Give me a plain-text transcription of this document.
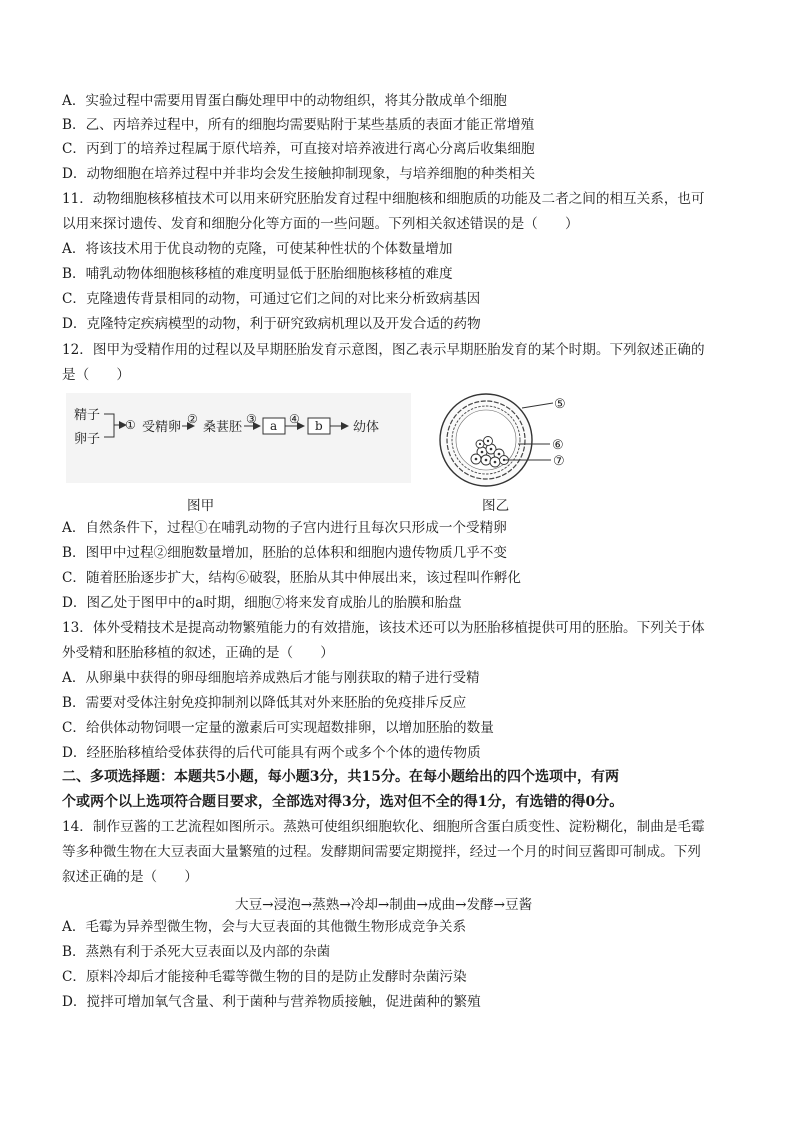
A．实验过程中需要用胃蛋白酶处理甲中的动物组织，将其分散成单个细胞
B．乙、丙培养过程中，所有的细胞均需要贴附于某些基质的表面才能正常增殖
C．丙到丁的培养过程属于原代培养，可直接对培养液进行离心分离后收集细胞
D．动物细胞在培养过程中并非均会发生接触抑制现象，与培养细胞的种类相关
11．动物细胞核移植技术可以用来研究胚胎发育过程中细胞核和细胞质的功能及二者之间的相互关系，也可
以用来探讨遗传、发育和细胞分化等方面的一些问题。下列相关叙述错误的是（　　）
A．将该技术用于优良动物的克隆，可使某种性状的个体数量增加
B．哺乳动物体细胞核移植的难度明显低于胚胎细胞核移植的难度
C．克隆遗传背景相同的动物，可通过它们之间的对比来分析致病基因
D．克隆特定疾病模型的动物，利于研究致病机理以及开发合适的药物
12．图甲为受精作用的过程以及早期胚胎发育示意图，图乙表示早期胚胎发育的某个时期。下列叙述正确的
是（　　）
精子
卵子
① 受精卵
②
桑葚胚
③ a ④ b 幼体
⑤
⑥
⑦
图甲	图乙
A．自然条件下，过程①在哺乳动物的子宫内进行且每次只形成一个受精卵
B．图甲中过程②细胞数量增加，胚胎的总体积和细胞内遗传物质几乎不变
C．随着胚胎逐步扩大，结构⑥破裂，胚胎从其中伸展出来，该过程叫作孵化
D．图乙处于图甲中的a时期，细胞⑦将来发育成胎儿的胎膜和胎盘
13．体外受精技术是提高动物繁殖能力的有效措施，该技术还可以为胚胎移植提供可用的胚胎。下列关于体
外受精和胚胎移植的叙述，正确的是（　　）
A．从卵巢中获得的卵母细胞培养成熟后才能与刚获取的精子进行受精
B．需要对受体注射免疫抑制剂以降低其对外来胚胎的免疫排斥反应
C．给供体动物饲喂一定量的激素后可实现超数排卵，以增加胚胎的数量
D．经胚胎移植给受体获得的后代可能具有两个或多个个体的遗传物质
二、多项选择题：本题共5小题，每小题3分，共15分。在每小题给出的四个选项中，有两
个或两个以上选项符合题目要求，全部选对得3分，选对但不全的得1分，有选错的得0分。
14．制作豆酱的工艺流程如图所示。蒸熟可使组织细胞软化、细胞所含蛋白质变性、淀粉糊化，制曲是毛霉
等多种微生物在大豆表面大量繁殖的过程。发酵期间需要定期搅拌，经过一个月的时间豆酱即可制成。下列
叙述正确的是（　　）
大豆→浸泡→蒸熟→冷却→制曲→成曲→发酵→豆酱
A．毛霉为异养型微生物，会与大豆表面的其他微生物形成竞争关系
B．蒸熟有利于杀死大豆表面以及内部的杂菌
C．原料冷却后才能接种毛霉等微生物的目的是防止发酵时杂菌污染
D．搅拌可增加氧气含量、利于菌种与营养物质接触，促进菌种的繁殖
